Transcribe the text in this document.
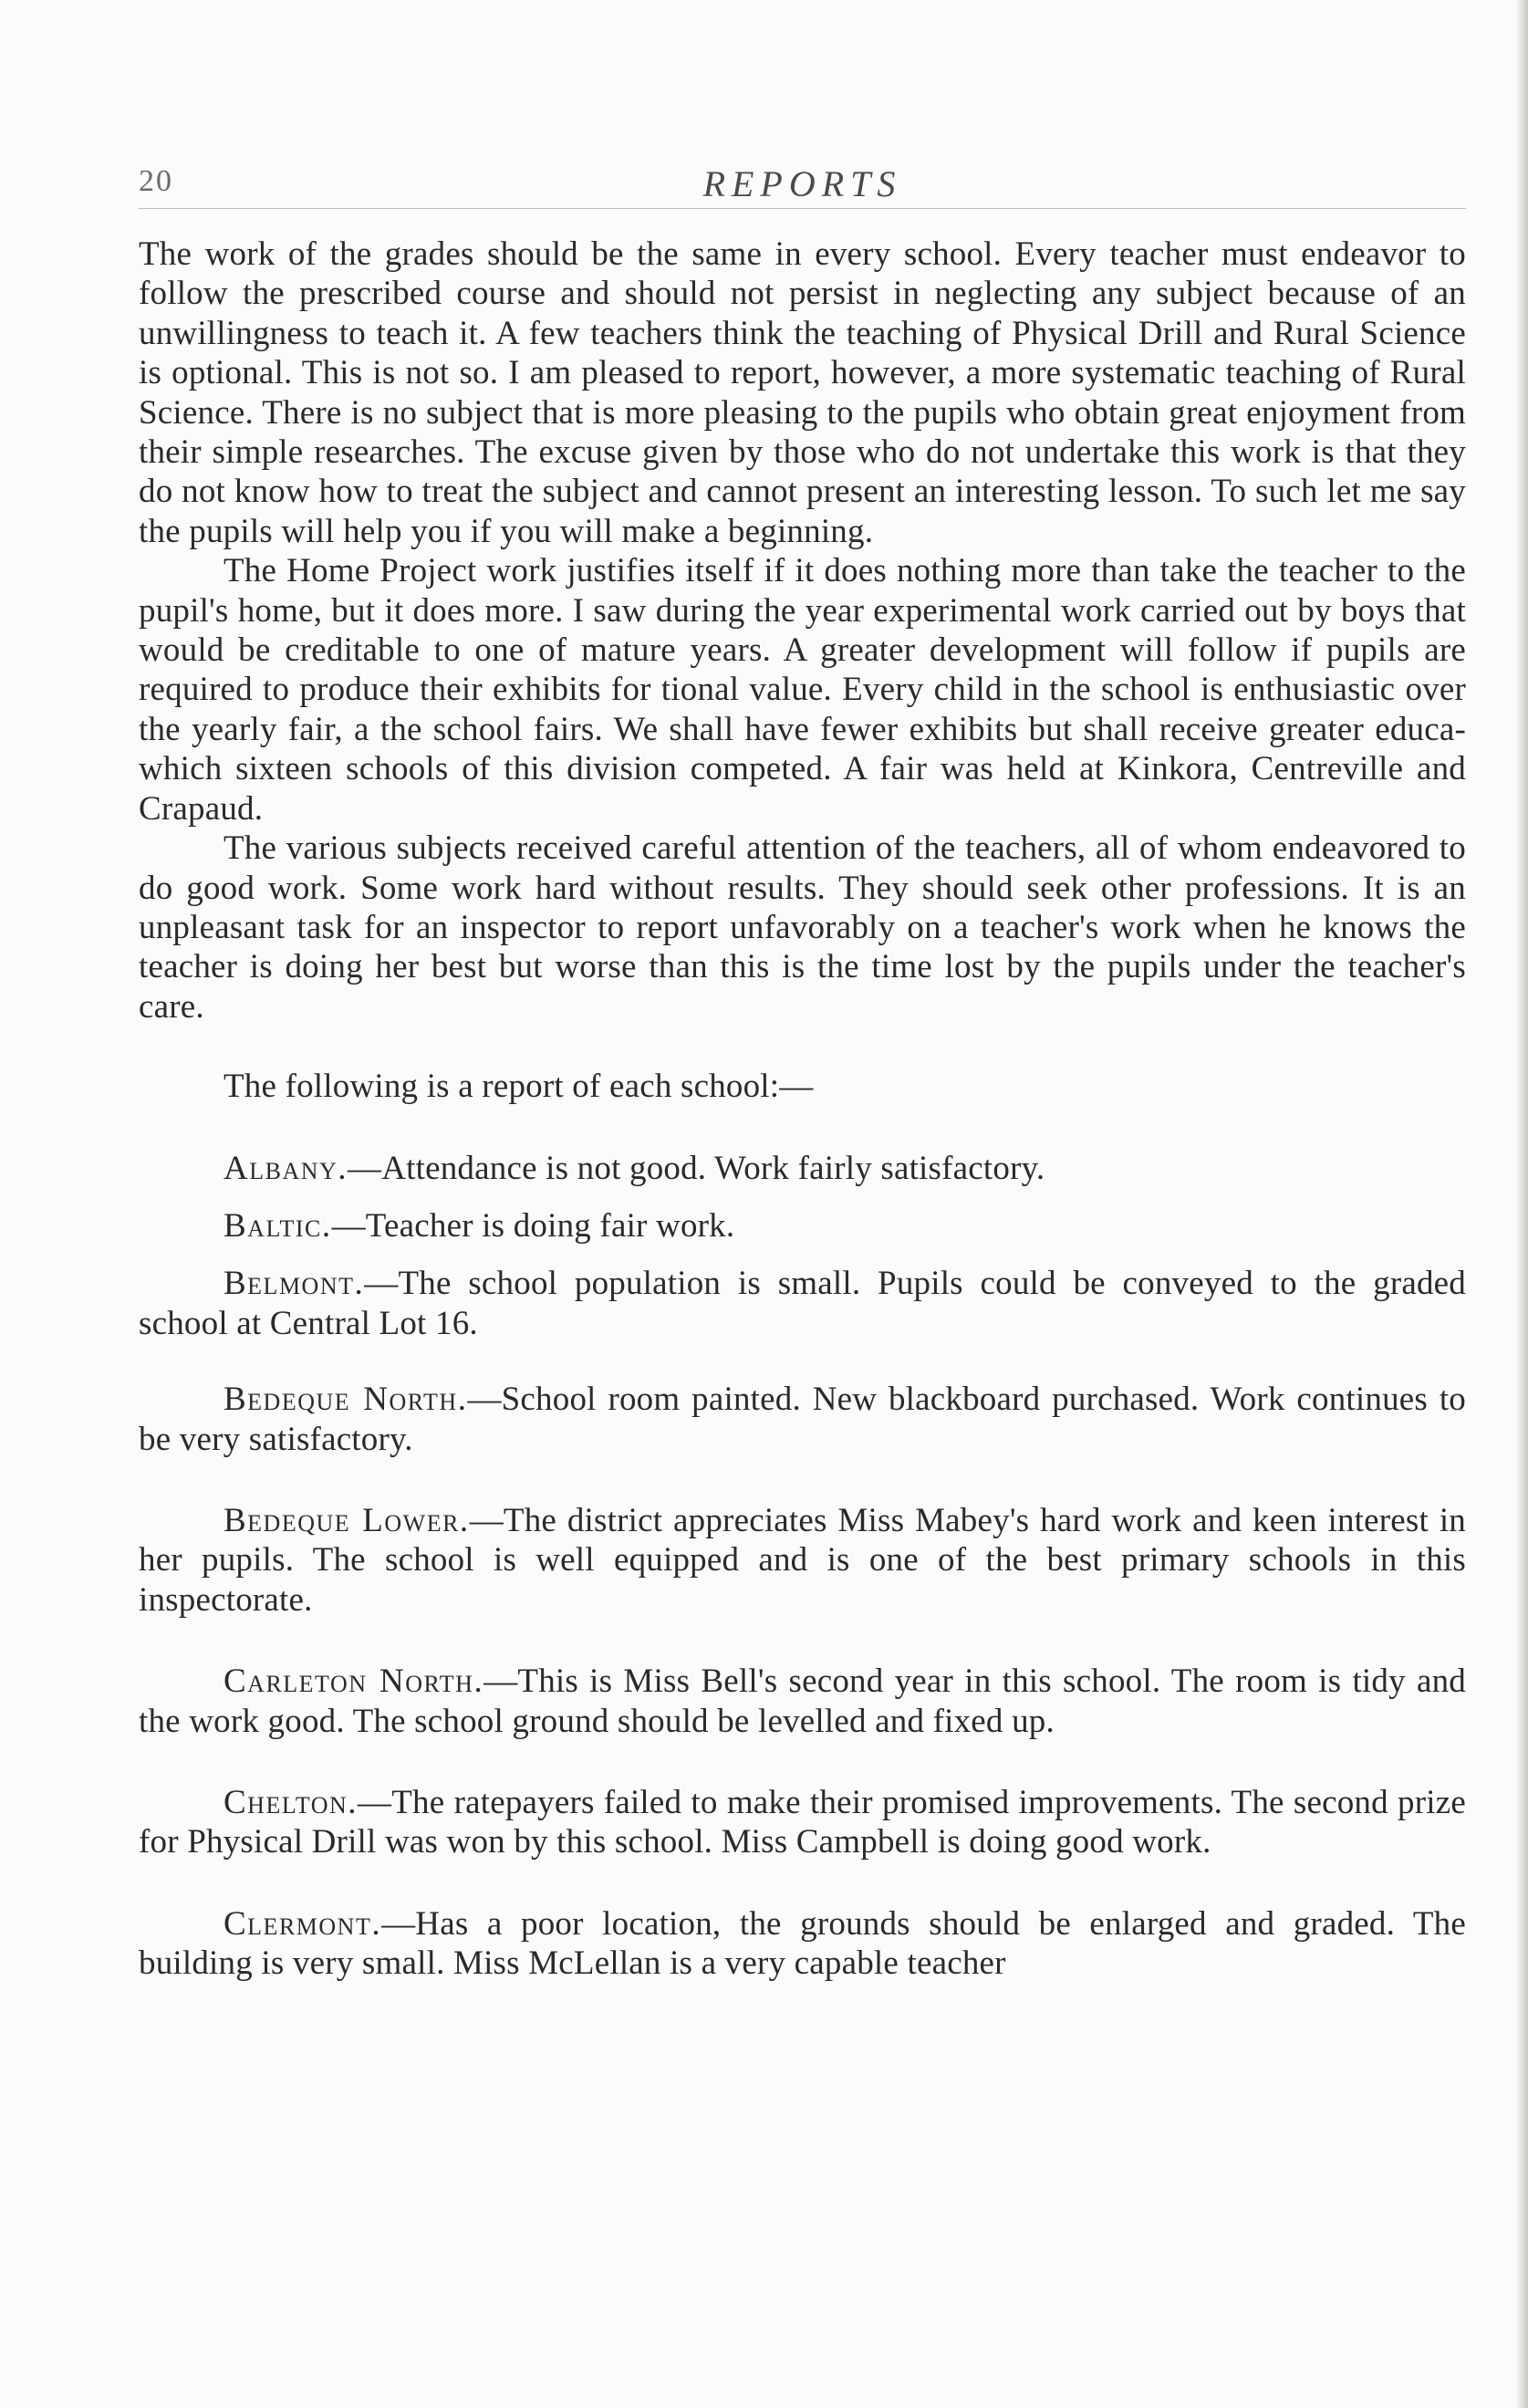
20	REPORTS

The work of the grades should be the same in every school. Every teacher must endeavor to follow the prescribed course and should not persist in neglecting any subject because of an unwillingness to teach it. A few teachers think the teaching of Physical Drill and Rural Science is optional. This is not so. I am pleased to report, however, a more systematic teaching of Rural Science. There is no subject that is more pleasing to the pupils who obtain great enjoyment from their simple researches. The excuse given by those who do not undertake this work is that they do not know how to treat the subject and cannot present an interesting lesson. To such let me say the pupils will help you if you will make a beginning.

The Home Project work justifies itself if it does nothing more than take the teacher to the pupil's home, but it does more. I saw during the year experimental work carried out by boys that would be creditable to one of mature years. A greater development will follow if pupils are required to produce their exhibits for tional value. Every child in the school is enthusiastic over the yearly fair, a the school fairs. We shall have fewer exhibits but shall receive greater educa- which sixteen schools of this division competed. A fair was held at Kinkora, Centreville and Crapaud.

The various subjects received careful attention of the teachers, all of whom endeavored to do good work. Some work hard without results. They should seek other professions. It is an unpleasant task for an inspector to report unfavorably on a teacher's work when he knows the teacher is doing her best but worse than this is the time lost by the pupils under the teacher's care.

The following is a report of each school:—

Albany.—Attendance is not good. Work fairly satisfactory.

Baltic.—Teacher is doing fair work.

Belmont.—The school population is small. Pupils could be conveyed to the graded school at Central Lot 16.

Bedeque North.—School room painted. New blackboard purchased. Work continues to be very satisfactory.

Bedeque Lower.—The district appreciates Miss Mabey's hard work and keen interest in her pupils. The school is well equipped and is one of the best primary schools in this inspectorate.

Carleton North.—This is Miss Bell's second year in this school. The room is tidy and the work good. The school ground should be levelled and fixed up.

Chelton.—The ratepayers failed to make their promised improvements. The second prize for Physical Drill was won by this school. Miss Campbell is doing good work.

Clermont.—Has a poor location, the grounds should be enlarged and graded. The building is very small. Miss McLellan is a very capable teacher
